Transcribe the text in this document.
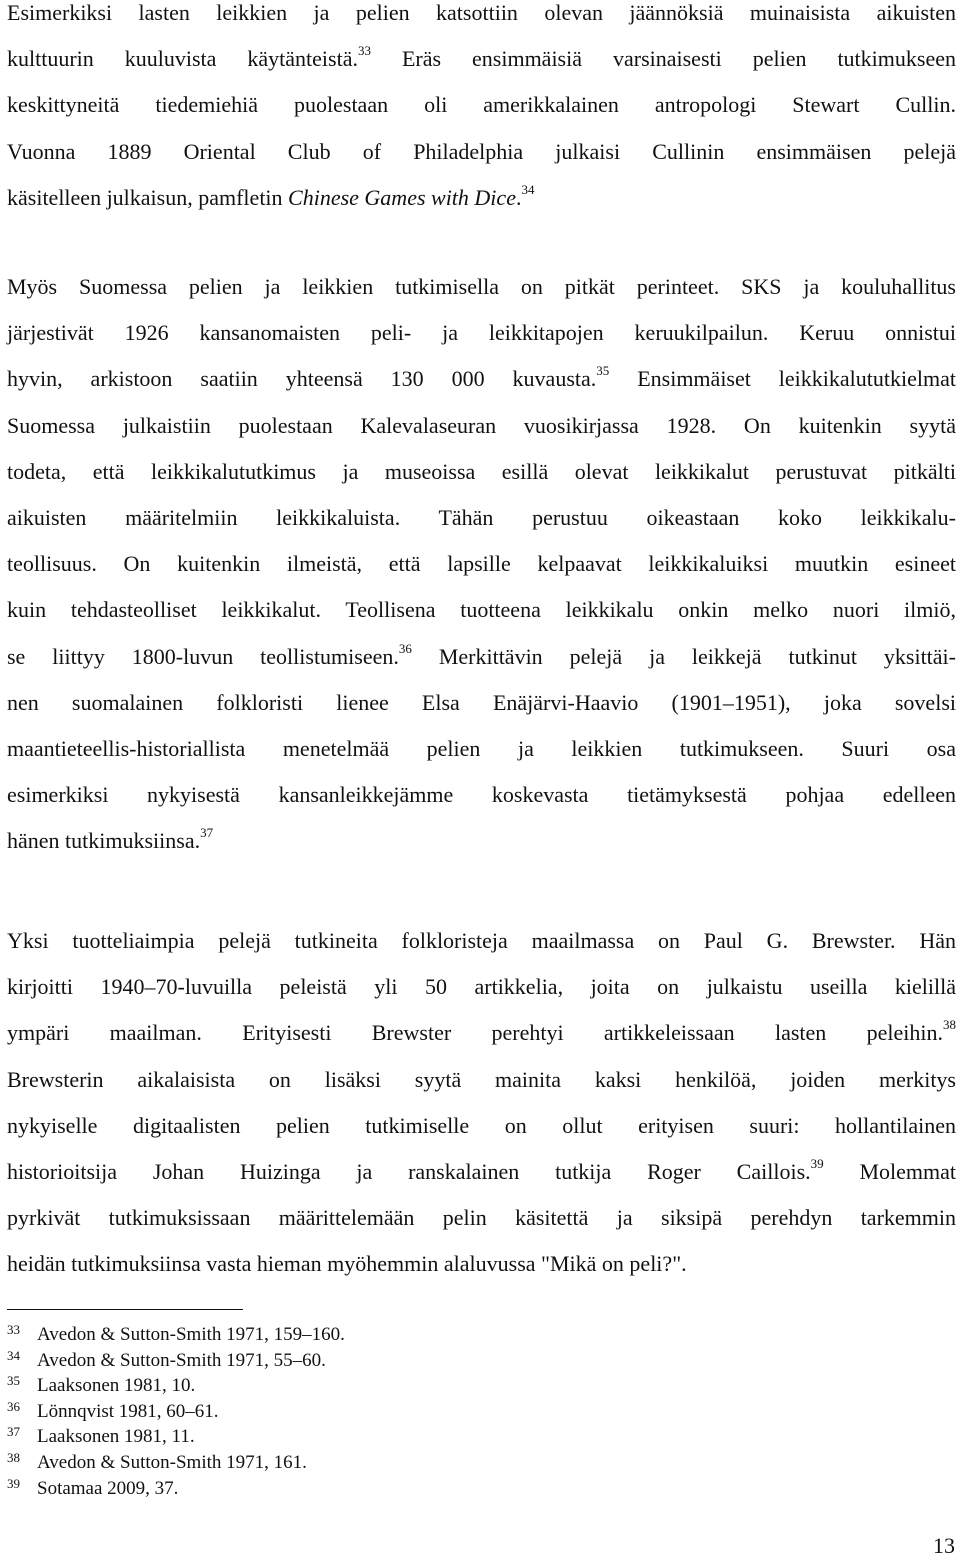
Esimerkiksi lasten leikkien ja pelien katsottiin olevan jäännöksiä muinaisista aikuisten
kulttuurin kuuluvista käytänteistä.$^{33}$ Eräs ensimmäisiä varsinaisesti pelien tutkimukseen
keskittyneitä tiedemiehiä puolestaan oli amerikkalainen antropologi Stewart Cullin.
Vuonna 1889 Oriental Club of Philadelphia julkaisi Cullinin ensimmäisen pelejä
käsitelleen julkaisun, pamfletin Chinese Games with Dice.$^{34}$
Myös Suomessa pelien ja leikkien tutkimisella on pitkät perinteet. SKS ja kouluhallitus
järjestivät 1926 kansanomaisten peli- ja leikkitapojen keruukilpailun. Keruu onnistui
hyvin, arkistoon saatiin yhteensä 130 000 kuvausta.$^{35}$ Ensimmäiset leikkikalututkielmat
Suomessa julkaistiin puolestaan Kalevalaseuran vuosikirjassa 1928. On kuitenkin syytä
todeta, että leikkikalututkimus ja museoissa esillä olevat leikkikalut perustuvat pitkälti
aikuisten määritelmiin leikkikaluista. Tähän perustuu oikeastaan koko leikkikalu-
teollisuus. On kuitenkin ilmeistä, että lapsille kelpaavat leikkikaluiksi muutkin esineet
kuin tehdasteolliset leikkikalut. Teollisena tuotteena leikkikalu onkin melko nuori ilmiö,
se liittyy 1800-luvun teollistumiseen.$^{36}$ Merkittävin pelejä ja leikkejä tutkinut yksittäi-
nen suomalainen folkloristi lienee Elsa Enäjärvi-Haavio (1901–1951), joka sovelsi
maantieteellis-historiallista menetelmää pelien ja leikkien tutkimukseen. Suuri osa
esimerkiksi nykyisestä kansanleikkejämme koskevasta tietämyksestä pohjaa edelleen
hänen tutkimuksiinsa.$^{37}$
Yksi tuotteliaimpia pelejä tutkineita folkloristeja maailmassa on Paul G. Brewster. Hän
kirjoitti 1940–70-luvuilla peleistä yli 50 artikkelia, joita on julkaistu useilla kielillä
ympäri maailman. Erityisesti Brewster perehtyi artikkeleissaan lasten peleihin.$^{38}$
Brewsterin aikalaisista on lisäksi syytä mainita kaksi henkilöä, joiden merkitys
nykyiselle digitaalisten pelien tutkimiselle on ollut erityisen suuri: hollantilainen
historioitsija Johan Huizinga ja ranskalainen tutkija Roger Caillois.$^{39}$ Molemmat
pyrkivät tutkimuksissaan määrittelemään pelin käsitettä ja siksipä perehdyn tarkemmin
heidän tutkimuksiinsa vasta hieman myöhemmin alaluvussa "Mikä on peli?".
33 Avedon & Sutton-Smith 1971, 159–160.
34 Avedon & Sutton-Smith 1971, 55–60.
35 Laaksonen 1981, 10.
36 Lönnqvist 1981, 60–61.
37 Laaksonen 1981, 11.
38 Avedon & Sutton-Smith 1971, 161.
39 Sotamaa 2009, 37.
13
